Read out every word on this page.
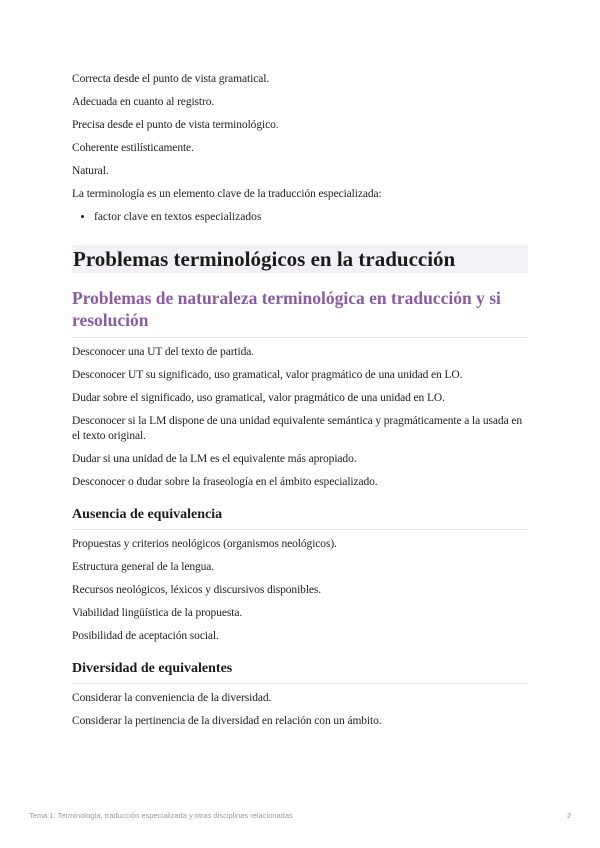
Correcta desde el punto de vista gramatical.

Adecuada en cuanto al registro.

Precisa desde el punto de vista terminológico.

Coherente estilísticamente.

Natural.

La terminología es un elemento clave de la traducción especializada:

• factor clave en textos especializados
Problemas terminológicos en la traducción
Problemas de naturaleza terminológica en traducción y si resolución

Desconocer una UT del texto de partida.

Desconocer UT su significado, uso gramatical, valor pragmático de una unidad en LO.

Dudar sobre el significado, uso gramatical, valor pragmático de una unidad en LO.

Desconocer si la LM dispone de una unidad equivalente semántica y pragmáticamente a la usada en el texto original.

Dudar si una unidad de la LM es el equivalente más apropiado.

Desconocer o dudar sobre la fraseología en el ámbito especializado.

Ausencia de equivalencia

Propuestas y criterios neológicos (organismos neológicos).

Estructura general de la lengua.

Recursos neológicos, léxicos y discursivos disponibles.

Viabilidad lingüística de la propuesta.

Posibilidad de aceptación social.

Diversidad de equivalentes

Considerar la conveniencia de la diversidad.

Considerar la pertinencia de la diversidad en relación con un ámbito.

Tema 1: Terminología, traducción especializada y otras disciplinas relacionadas	2
